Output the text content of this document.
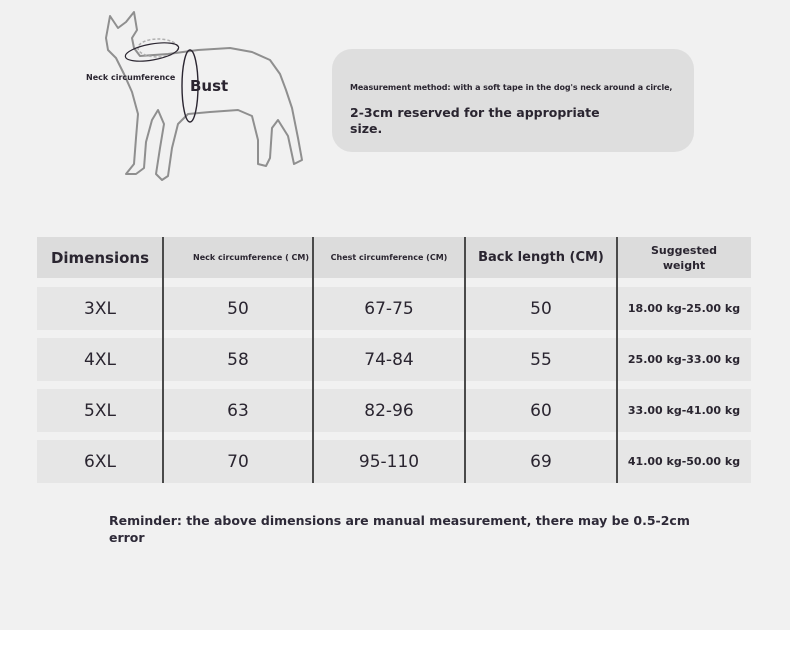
Neck circumference Bust	Measurement method: with a soft tape in the dog's neck around a circle,
2-3cm reserved for the appropriate size.
Dimensions	Neck circumference ( CM)	Chest circumference (CM)	Back length (CM)	Suggested weight
3XL	50	67-75	50	18.00 kg-25.00 kg
4XL	58	74-84	55	25.00 kg-33.00 kg
5XL	63	82-96	60	33.00 kg-41.00 kg
6XL	70	95-110	69	41.00 kg-50.00 kg
Reminder: the above dimensions are manual measurement, there may be 0.5-2cm error
